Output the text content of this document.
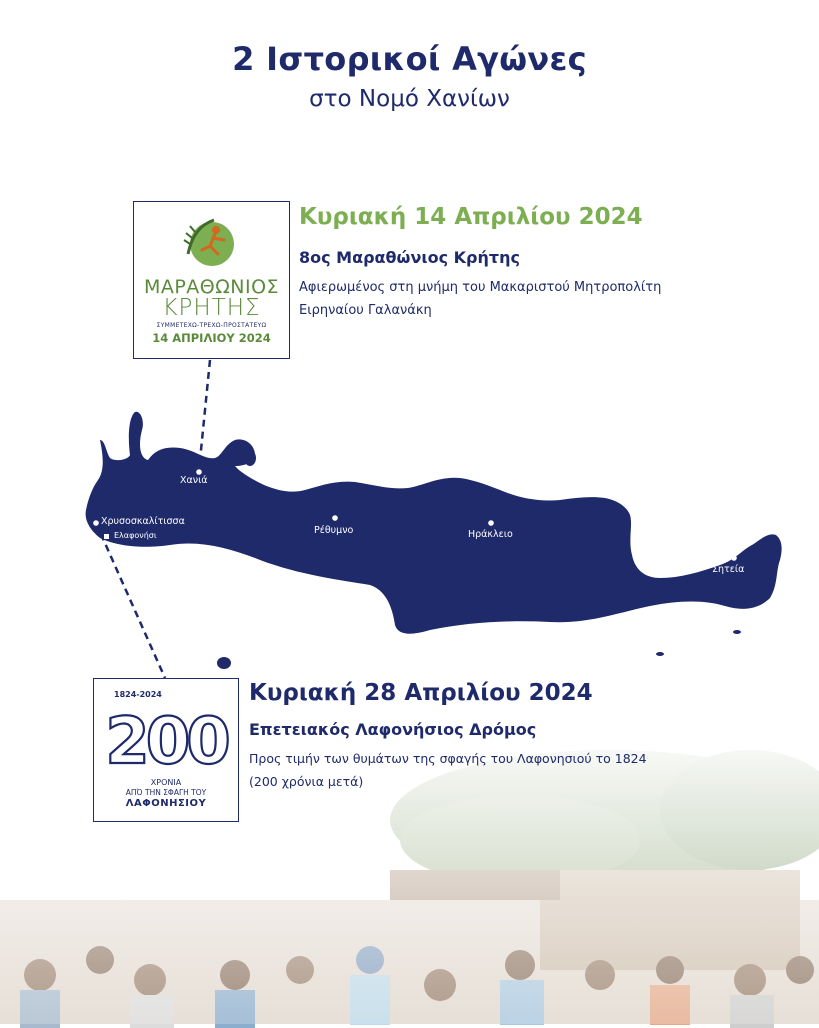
2 Ιστορικοί Αγώνες
στο Νομό Χανίων
Χανιά
Χρυσοσκαλίτισσα
Ελαφονήσι	Ρέθυμνο	Ηράκλειο
Σητεία
ΜΑΡΑΘΩΝΙΟΣ
ΚΡΗΤΗΣ
ΣΥΜΜΕΤΕΧΩ-ΤΡΕΧΩ-ΠΡΟΣΤΑΤΕΥΩ
14 ΑΠΡΙΛΙΟΥ 2024
Κυριακή 14 Απριλίου 2024
8ος Μαραθώνιος Κρήτης
Αφιερωμένος στη μνήμη του Μακαριστού Μητροπολίτη
Ειρηναίου Γαλανάκη
1824-2024
200
ΧΡΟΝΙΑ
ΑΠΌ ΤΗΝ ΣΦΑΓΗ ΤΟΥ
ΛΑΦΟΝΗΣΙΟΥ
Κυριακή 28 Απριλίου 2024
Επετειακός Λαφονήσιος Δρόμος
Προς τιμήν των θυμάτων της σφαγής του Λαφονησιού το 1824
(200 χρόνια μετά)
